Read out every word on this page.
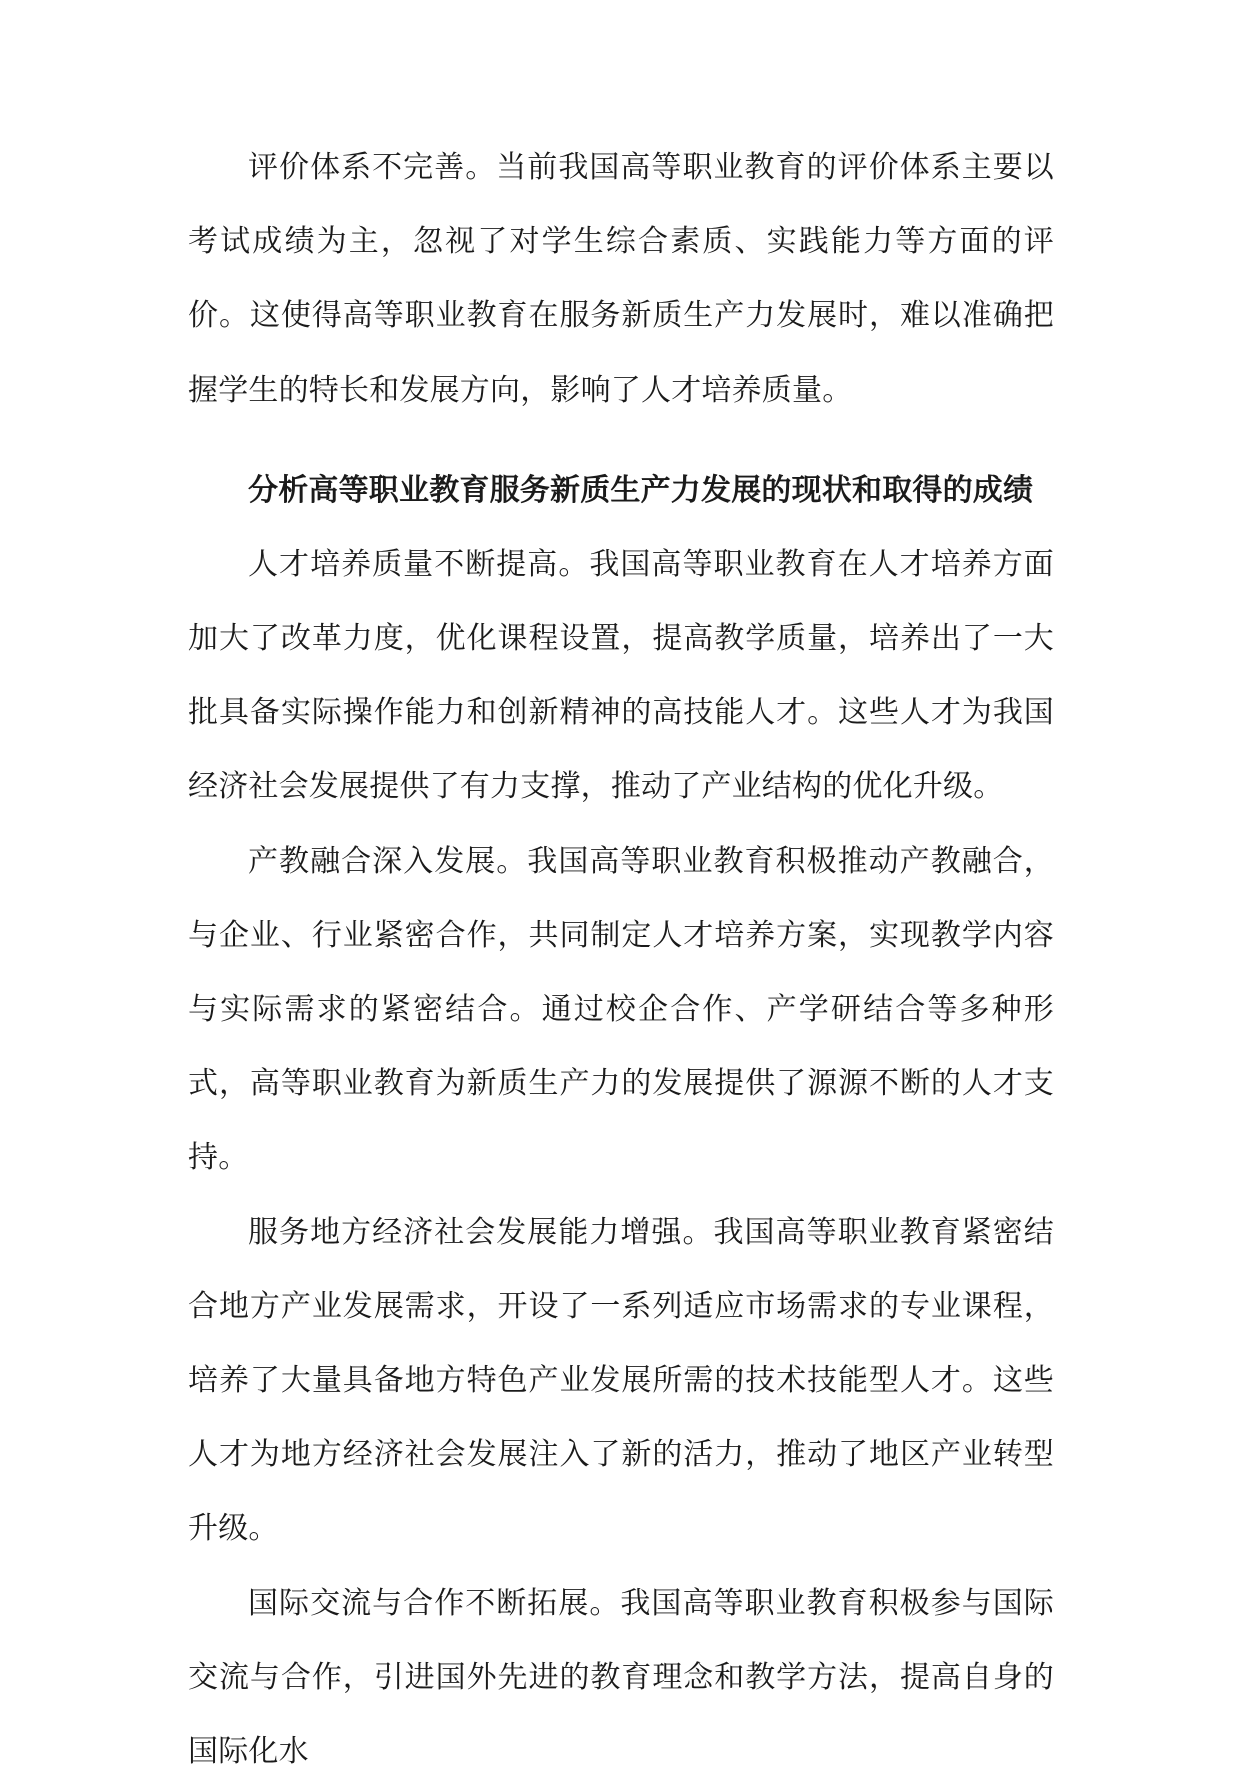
评价体系不完善。当前我国高等职业教育的评价体系主要以考试成绩为主，忽视了对学生综合素质、实践能力等方面的评价。这使得高等职业教育在服务新质生产力发展时，难以准确把握学生的特长和发展方向，影响了人才培养质量。

分析高等职业教育服务新质生产力发展的现状和取得的成绩

人才培养质量不断提高。我国高等职业教育在人才培养方面加大了改革力度，优化课程设置，提高教学质量，培养出了一大批具备实际操作能力和创新精神的高技能人才。这些人才为我国经济社会发展提供了有力支撑，推动了产业结构的优化升级。

产教融合深入发展。我国高等职业教育积极推动产教融合，与企业、行业紧密合作，共同制定人才培养方案，实现教学内容与实际需求的紧密结合。通过校企合作、产学研结合等多种形式，高等职业教育为新质生产力的发展提供了源源不断的人才支持。

服务地方经济社会发展能力增强。我国高等职业教育紧密结合地方产业发展需求，开设了一系列适应市场需求的专业课程，培养了大量具备地方特色产业发展所需的技术技能型人才。这些人才为地方经济社会发展注入了新的活力，推动了地区产业转型升级。

国际交流与合作不断拓展。我国高等职业教育积极参与国际交流与合作，引进国外先进的教育理念和教学方法，提高自身的国际化水
